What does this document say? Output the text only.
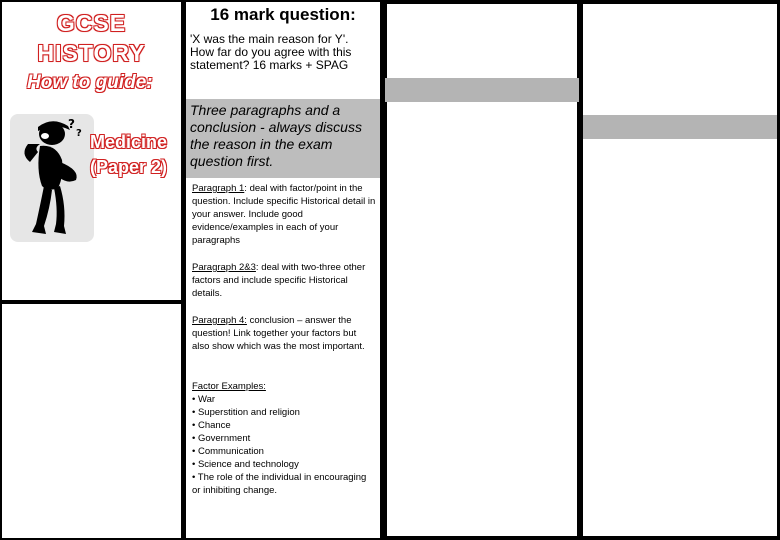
GCSE
HISTORY
How to guide:
?
? Medicine
(Paper 2)
16 mark question:
'X was the main reason for Y'. How far do you agree with this statement? 16 marks + SPAG
Three paragraphs and a conclusion - always discuss the reason in the exam question first.
Paragraph 1: deal with factor/point in the question. Include specific Historical detail in your answer. Include good evidence/examples in each of your paragraphs
Paragraph 2&3: deal with two-three other factors and include specific Historical details.
Paragraph 4: conclusion – answer the question! Link together your factors but also show which was the most important.
Factor Examples:
• War
• Superstition and religion
• Chance
• Government
• Communication
• Science and technology
• The role of the individual in encouraging or inhibiting change.
